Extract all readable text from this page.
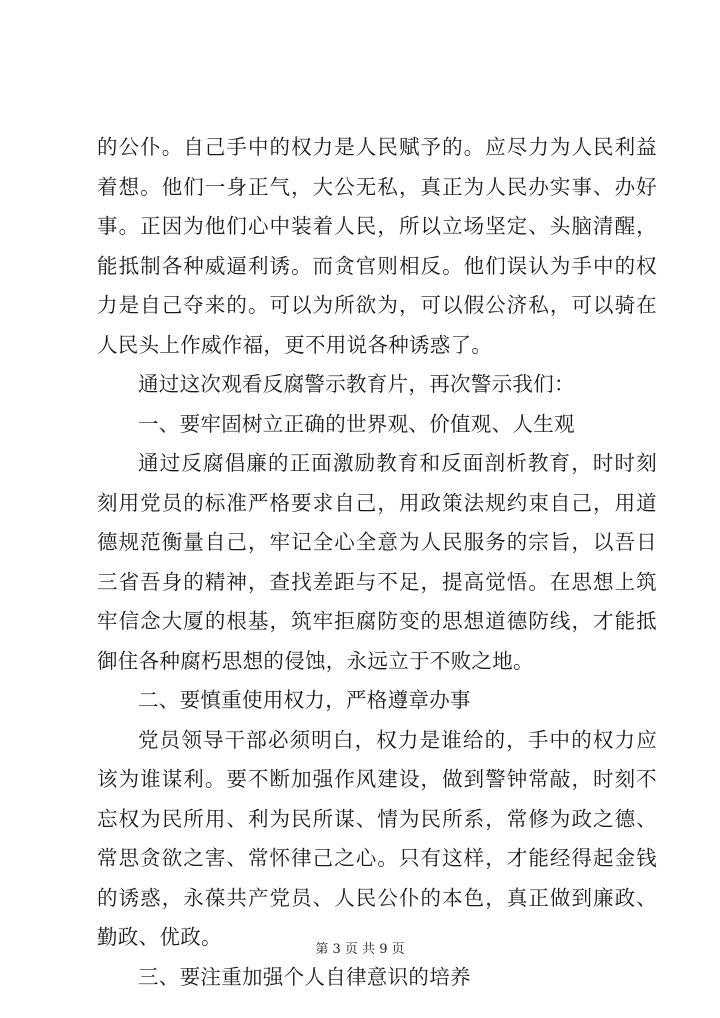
的公仆。自己手中的权力是人民赋予的。应尽力为人民利益着想。他们一身正气，大公无私，真正为人民办实事、办好事。正因为他们心中装着人民，所以立场坚定、头脑清醒，能抵制各种威逼利诱。而贪官则相反。他们误认为手中的权力是自己夺来的。可以为所欲为，可以假公济私，可以骑在人民头上作威作福，更不用说各种诱惑了。

通过这次观看反腐警示教育片，再次警示我们：

一、要牢固树立正确的世界观、价值观、人生观

通过反腐倡廉的正面激励教育和反面剖析教育，时时刻刻用党员的标准严格要求自己，用政策法规约束自己，用道德规范衡量自己，牢记全心全意为人民服务的宗旨，以吾日三省吾身的精神，查找差距与不足，提高觉悟。在思想上筑牢信念大厦的根基，筑牢拒腐防变的思想道德防线，才能抵御住各种腐朽思想的侵蚀，永远立于不败之地。

二、要慎重使用权力，严格遵章办事

党员领导干部必须明白，权力是谁给的，手中的权力应该为谁谋利。要不断加强作风建设，做到警钟常敲，时刻不忘权为民所用、利为民所谋、情为民所系，常修为政之德、常思贪欲之害、常怀律己之心。只有这样，才能经得起金钱的诱惑，永葆共产党员、人民公仆的本色，真正做到廉政、勤政、优政。

三、要注重加强个人自律意识的培养

第 3 页 共 9 页
